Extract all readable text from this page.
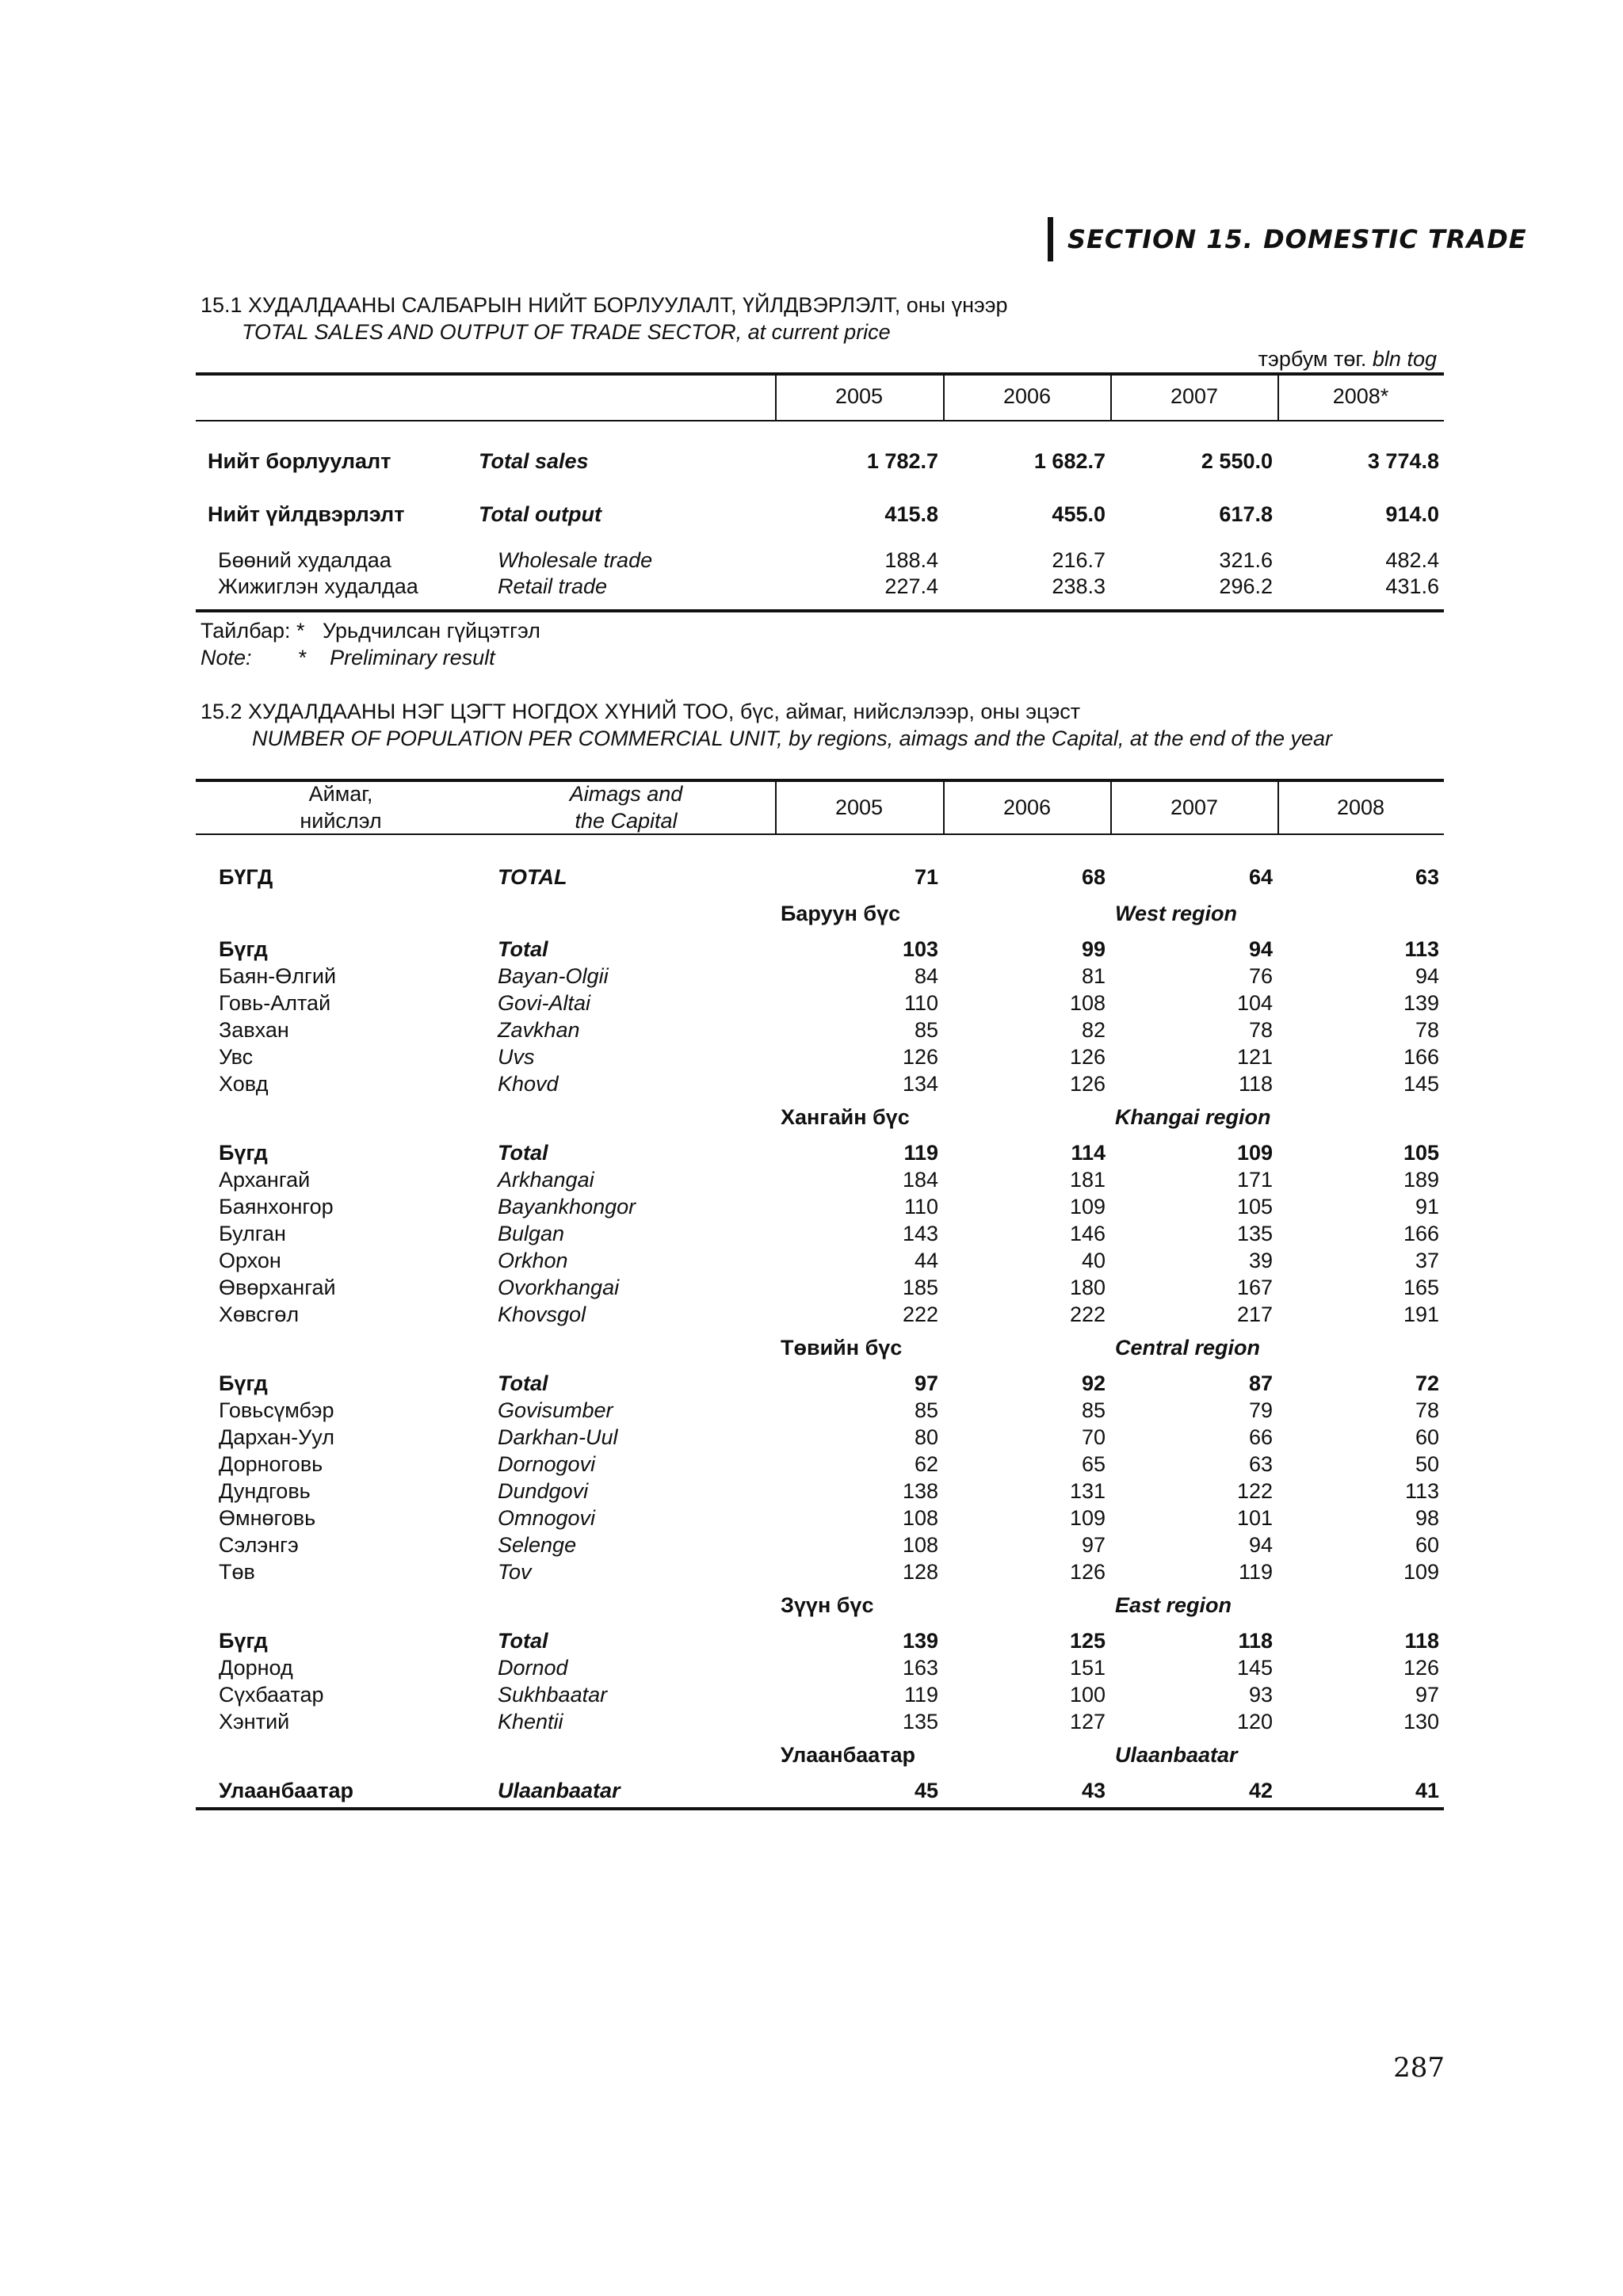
SECTION 15. DOMESTIC TRADE
15.1 ХУДАЛДААНЫ САЛБАРЫН НИЙТ БОРЛУУЛАЛТ, ҮЙЛДВЭРЛЭЛТ, оны үнээр
TOTAL SALES AND OUTPUT OF TRADE SECTOR, at current price
тэрбум төг. bln tog
2005	2006	2007	2008*
Нийт борлуулалт	Total sales	1 782.7	1 682.7	2 550.0	3 774.8
Нийт үйлдвэрлэлт	Total output	415.8	455.0	617.8	914.0
Бөөний худалдаа	Wholesale trade	188.4	216.7	321.6	482.4
Жижиглэн худалдаа	Retail trade	227.4	238.3	296.2	431.6
Тайлбар: * Урьдчилсан гүйцэтгэл
Note: * Preliminary result
15.2 ХУДАЛДААНЫ НЭГ ЦЭГТ НОГДОХ ХҮНИЙ ТОО, бүс, аймаг, нийслэлээр, оны эцэст
NUMBER OF POPULATION PER COMMERCIAL UNIT, by regions, aimags and the Capital, at the end of the year
Аймаг,
нийслэл
Aimags and
the Capital
2005	2006	2007	2008
БҮГД	TOTAL	71	68	64	63
Баруун бүс	West region
Бүгд	Total	103	99	94	113
Баян-Өлгий	Bayan-Olgii	84	81	76	94
Говь-Алтай	Govi-Altai	110	108	104	139
Завхан	Zavkhan	85	82	78	78
Увс	Uvs	126	126	121	166
Ховд	Khovd	134	126	118	145
Хангайн бүс	Khangai region
Бүгд	Total	119	114	109	105
Архангай	Arkhangai	184	181	171	189
Баянхонгор	Bayankhongor	110	109	105	91
Булган	Bulgan	143	146	135	166
Орхон	Orkhon	44	40	39	37
Өвөрхангай	Ovorkhangai	185	180	167	165
Хөвсгөл	Khovsgol	222	222	217	191
Төвийн бүс	Central region
Бүгд	Total	97	92	87	72
Говьсүмбэр	Govisumber	85	85	79	78
Дархан-Уул	Darkhan-Uul	80	70	66	60
Дорноговь	Dornogovi	62	65	63	50
Дундговь	Dundgovi	138	131	122	113
Өмнөговь	Omnogovi	108	109	101	98
Сэлэнгэ	Selenge	108	97	94	60
Төв	Tov	128	126	119	109
Зүүн бүс	East region
Бүгд	Total	139	125	118	118
Дорнод	Dornod	163	151	145	126
Сүхбаатар	Sukhbaatar	119	100	93	97
Хэнтий	Khentii	135	127	120	130
Улаанбаатар	Ulaanbaatar
Улаанбаатар	Ulaanbaatar	45	43	42	41
287
